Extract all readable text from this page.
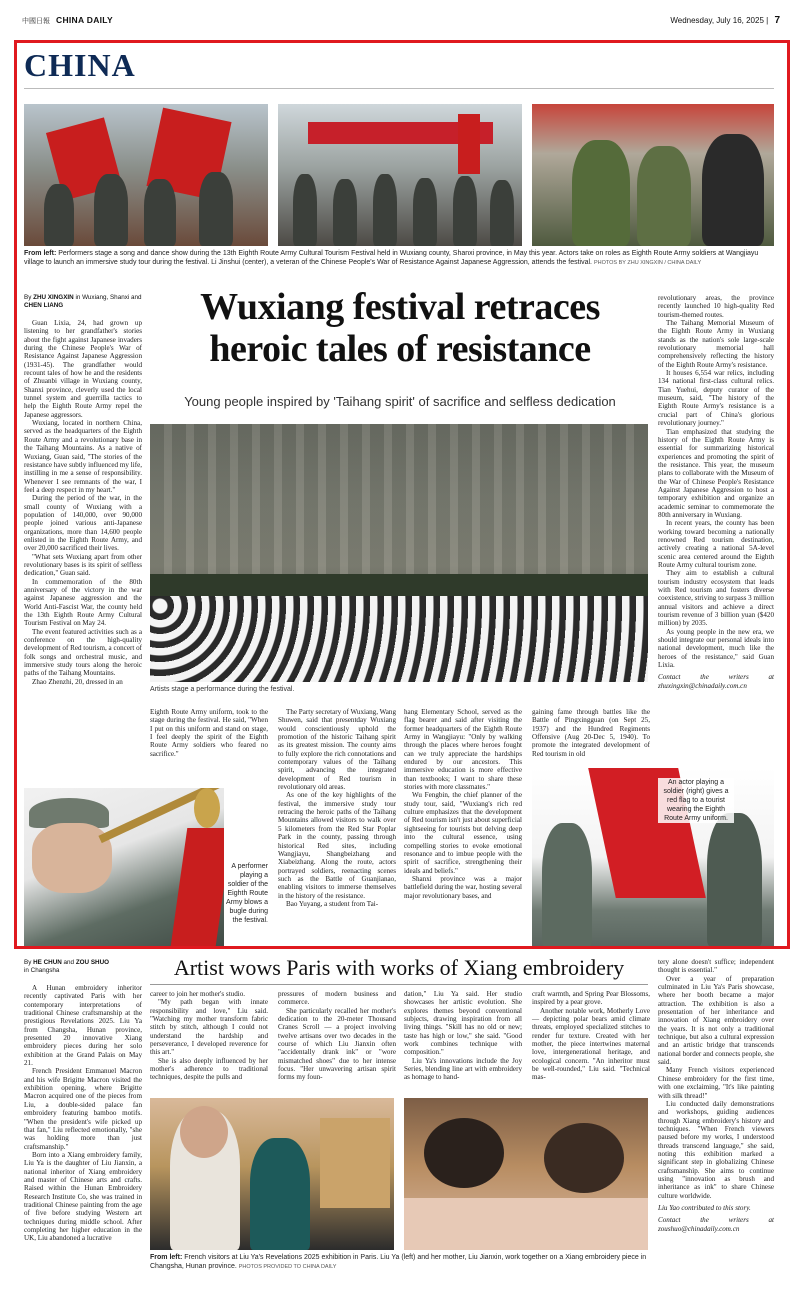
中國日報 CHINA DAILY	Wednesday, July 16, 2025 | 7
CHINA
From left: Performers stage a song and dance show during the 13th Eighth Route Army Cultural Tourism Festival held in Wuxiang county, Shanxi province, in May this year. Actors take on roles as Eighth Route Army soldiers at Wangjiayu village to launch an immersive study tour during the festival. Li Jinshui (center), a veteran of the Chinese People's War of Resistance Against Japanese Aggression, attends the festival. PHOTOS BY ZHU XINGXIN / CHINA DAILY
By ZHU XINGXIN in Wuxiang, Shanxi and CHEN LIANG	Wuxiang festival retraces heroic tales of resistance
Young people inspired by 'Taihang spirit' of sacrifice and selfless dedication

Guan Lixia, 24, had grown up listening to her grandfather's stories about the fight against Japanese invaders during the Chinese People's War of Resistance Against Japanese Aggression (1931-45). The grandfather would recount tales of how he and the residents of Zhuanbi village in Wuxiang county, Shanxi province, cleverly used the local tunnel system and guerrilla tactics to help the Eighth Route Army repel the Japanese aggressors.

Wuxiang, located in northern China, served as the headquarters of the Eighth Route Army and a revolutionary base in the Taihang Mountains. As a native of Wuxiang, Guan said, "The stories of the resistance have subtly influenced my life, instilling in me a sense of responsibility. Whenever I see remnants of the war, I feel a deep respect in my heart."

During the period of the war, in the small county of Wuxiang with a population of 140,000, over 90,000 people joined various anti-Japanese organizations, more than 14,600 people enlisted in the Eighth Route Army, and over 20,000 sacrificed their lives.

"What sets Wuxiang apart from other revolutionary bases is its spirit of selfless dedication," Guan said.

In commemoration of the 80th anniversary of the victory in the war against Japanese aggression and the World Anti-Fascist War, the county held the 13th Eighth Route Army Cultural Tourism Festival on May 24.

The event featured activities such as a conference on the high-quality development of Red tourism, a concert of folk songs and orchestral music, and immersive study tours along the heroic paths of the Taihang Mountains.

Zhao Zhenzhi, 20, dressed in an

Artists stage a performance during the festival.

Eighth Route Army uniform, took to the stage during the festival. He said, "When I put on this uniform and stand on stage, I feel deeply the spirit of the Eighth Route Army soldiers who feared no sacrifice."

The Party secretary of Wuxiang, Wang Shuwen, said that presentday Wuxiang would conscientiously uphold the promotion of the historic Taihang spirit as its greatest mission. The county aims to fully explore the rich connotations and contemporary values of the Taihang spirit, advancing the integrated development of Red tourism in revolutionary old areas.

As one of the key highlights of the festival, the immersive study tour retracing the heroic paths of the Taihang Mountains allowed visitors to walk over 5 kilometers from the Red Star Poplar Park in the county, passing through historical Red sites, including Wangjiayu, Shangbeizhang and Xiabeizhang. Along the route, actors portrayed soldiers, reenacting scenes such as the Battle of Guanjianao, enabling visitors to immerse themselves in the history of the resistance.

Bao Yuyang, a student from Tai-

hang Elementary School, served as the flag bearer and said after visiting the former headquarters of the Eighth Route Army in Wangjiayu: "Only by walking through the places where heroes fought can we truly appreciate the hardships endured by our ancestors. This immersive education is more effective than textbooks; I want to share these stories with more classmates."

Wu Fengbin, the chief planner of the study tour, said, "Wuxiang's rich red culture emphasizes that the development of Red tourism isn't just about superficial sightseeing for tourists but delving deep into the cultural essence, using compelling stories to evoke emotional resonance and to imbue people with the spirit of sacrifice, strengthening their ideals and beliefs."

Shanxi province was a major battlefield during the war, hosting several major revolutionary bases, and

gaining fame through battles like the Battle of Pingxingguan (on Sept 25, 1937) and the Hundred Regiments Offensive (Aug 20-Dec 5, 1940). To promote the integrated development of Red tourism in old

revolutionary areas, the province recently launched 10 high-quality Red tourism-themed routes.

The Taihang Memorial Museum of the Eighth Route Army in Wuxiang stands as the nation's sole large-scale revolutionary memorial hall comprehensively reflecting the history of the Eighth Route Army's resistance.

It houses 6,554 war relics, including 134 national first-class cultural relics. Tian Yuehui, deputy curator of the museum, said, "The history of the Eighth Route Army's resistance is a crucial part of China's glorious revolutionary journey."

Tian emphasized that studying the history of the Eighth Route Army is essential for summarizing historical experiences and promoting the spirit of the resistance. This year, the museum plans to collaborate with the Museum of the War of Chinese People's Resistance Against Japanese Aggression to host a temporary exhibition and organize an academic seminar to commemorate the 80th anniversary in Wuxiang.

In recent years, the county has been working toward becoming a nationally renowned Red tourism destination, actively creating a national 5A-level scenic area centered around the Eighth Route Army cultural tourism zone.

They aim to establish a cultural tourism industry ecosystem that leads with Red tourism and fosters diverse coexistence, striving to surpass 3 million annual visitors and achieve a direct tourism revenue of 3 billion yuan ($420 million) by 2035.

As young people in the new era, we should integrate our personal ideals into national development, much like the heroes of the resistance," said Guan Lixia.

Contact the writers at zhuxingxin@chinadaily.com.cn

A performer playing a soldier of the Eighth Route Army blows a bugle during the festival.
An actor playing a soldier (right) gives a red flag to a tourist wearing the Eighth Route Army uniform.
By HE CHUN and ZOU SHUO
in Changsha	Artist wows Paris with works of Xiang embroidery

A Hunan embroidery inheritor recently captivated Paris with her contemporary interpretations of traditional Chinese craftsmanship at the prestigious Revelations 2025. Liu Ya from Changsha, Hunan province, presented 20 innovative Xiang embroidery pieces during her solo exhibition at the Grand Palais on May 21.

French President Emmanuel Macron and his wife Brigitte Macron visited the exhibition opening, where Brigitte Macron acquired one of the pieces from Liu, a double-sided palace fan embroidery featuring bamboo motifs. "When the president's wife picked up that fan," Liu reflected emotionally, "she was holding more than just craftsmanship."

Born into a Xiang embroidery family, Liu Ya is the daughter of Liu Jianxin, a national inheritor of Xiang embroidery and master of Chinese arts and crafts. Raised within the Hunan Embroidery Research Institute Co, she was trained in traditional Chinese painting from the age of five before studying Western art techniques during middle school. After completing her higher education in the UK, Liu abandoned a lucrative

career to join her mother's studio.

"My path began with innate responsibility and love," Liu said. "Watching my mother transform fabric stitch by stitch, although I could not understand the hardship and perseverance, I developed reverence for this art."

She is also deeply influenced by her mother's adherence to traditional techniques, despite the pulls and

pressures of modern business and commerce.

She particularly recalled her mother's dedication to the 20-meter Thousand Cranes Scroll — a project involving twelve artisans over two decades in the course of which Liu Jianxin often "accidentally drank ink" or "wore mismatched shoes" due to her intense focus. "Her unwavering artisan spirit forms my foun-

dation," Liu Ya said. Her studio showcases her artistic evolution. She explores themes beyond conventional subjects, drawing inspiration from all living things. "Skill has no old or new; taste has high or low," she said. "Good work combines technique with composition."

Liu Ya's innovations include the Joy Series, blending line art with embroidery as homage to hand-

craft warmth, and Spring Pear Blossoms, inspired by a pear grove.

Another notable work, Motherly Love — depicting polar bears amid climate threats, employed specialized stitches to render fur texture. Created with her mother, the piece intertwines maternal love, intergenerational heritage, and ecological concern. "An inheritor must be well-rounded," Liu said. "Technical mas-

tery alone doesn't suffice; independent thought is essential."

Over a year of preparation culminated in Liu Ya's Paris showcase, where her booth became a major attraction. The exhibition is also a presentation of her inheritance and innovation of Xiang embroidery over the years. It is not only a traditional technique, but also a cultural expression and an artistic bridge that transcends national border and connects people, she said.

Many French visitors experienced Chinese embroidery for the first time, with one exclaiming, "It's like painting with silk thread!"

Liu conducted daily demonstrations and workshops, guiding audiences through Xiang embroidery's history and techniques. "When French viewers paused before my works, I understood threads transcend language," she said, noting this exhibition marked a significant step in globalizing Chinese craftsmanship. She aims to continue using "innovation as brush and inheritance as ink" to share Chinese culture worldwide.

Liu Yao contributed to this story.

Contact the writers at zoushuo@chinadaily.com.cn

From left: French visitors at Liu Ya's Revelations 2025 exhibition in Paris. Liu Ya (left) and her mother, Liu Jianxin, work together on a Xiang embroidery piece in Changsha, Hunan province. PHOTOS PROVIDED TO CHINA DAILY
